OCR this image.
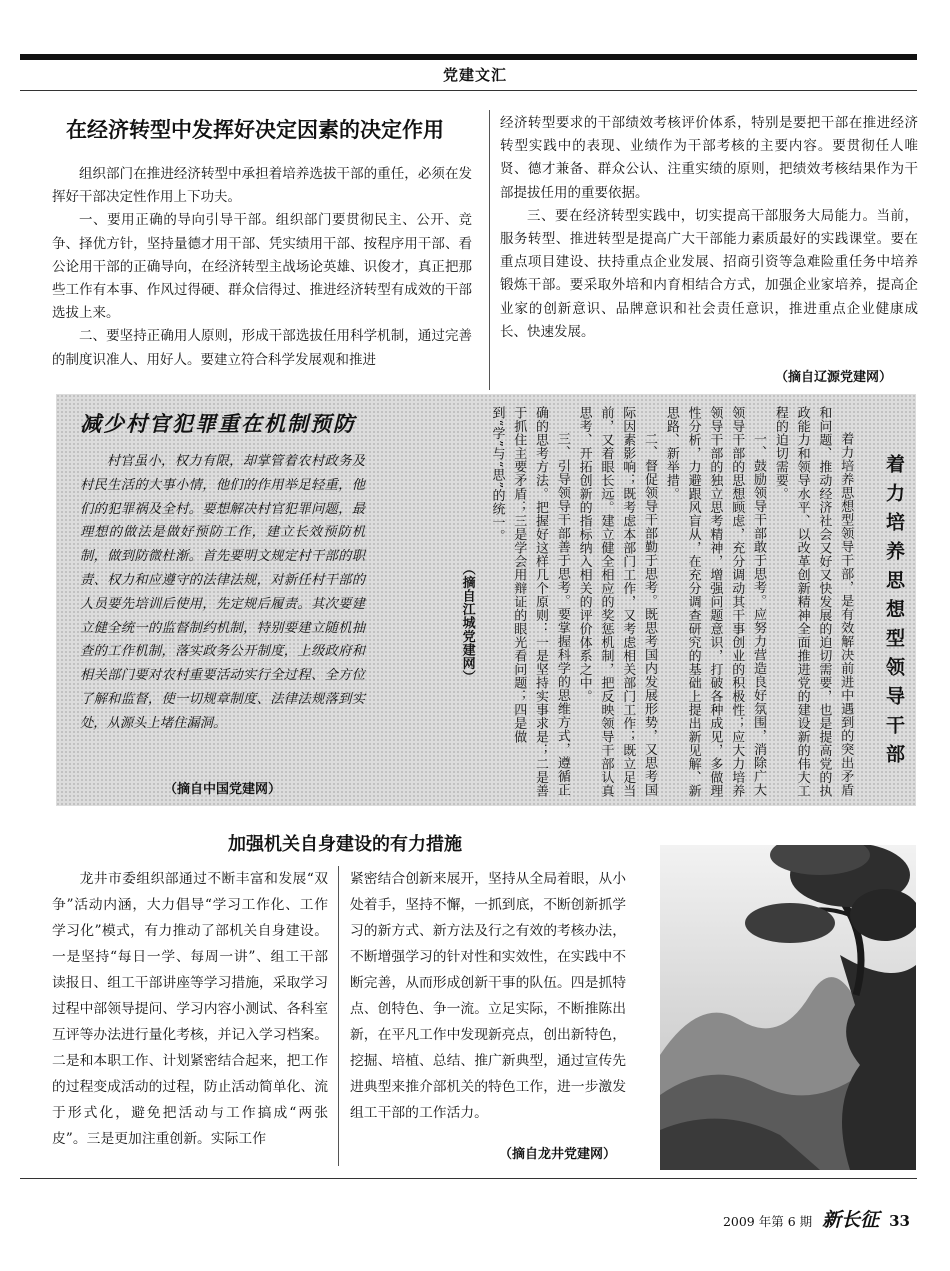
党建文汇
在经济转型中发挥好决定因素的决定作用

组织部门在推进经济转型中承担着培养选拔干部的重任，必须在发挥好干部决定性作用上下功夫。

一、要用正确的导向引导干部。组织部门要贯彻民主、公开、竞争、择优方针，坚持量德才用干部、凭实绩用干部、按程序用干部、看公论用干部的正确导向，在经济转型主战场论英雄、识俊才，真正把那些工作有本事、作风过得硬、群众信得过、推进经济转型有成效的干部选拔上来。

二、要坚持正确用人原则，形成干部选拔任用科学机制，通过完善的制度识准人、用好人。要建立符合科学发展观和推进

经济转型要求的干部绩效考核评价体系，特别是要把干部在推进经济转型实践中的表现、业绩作为干部考核的主要内容。要贯彻任人唯贤、德才兼备、群众公认、注重实绩的原则，把绩效考核结果作为干部提拔任用的重要依据。

三、要在经济转型实践中，切实提高干部服务大局能力。当前，服务转型、推进转型是提高广大干部能力素质最好的实践课堂。要在重点项目建设、扶持重点企业发展、招商引资等急难险重任务中培养锻炼干部。要采取外培和内育相结合方式，加强企业家培养，提高企业家的创新意识、品牌意识和社会责任意识，推进重点企业健康成长、快速发展。

（摘自辽源党建网）
减少村官犯罪重在机制预防

村官虽小，权力有限，却掌管着农村政务及村民生活的大事小情，他们的作用举足轻重，他们的犯罪祸及全村。要想解决村官犯罪问题，最理想的做法是做好预防工作，建立长效预防机制，做到防微杜渐。首先要明文规定村干部的职责、权力和应遵守的法律法规，对新任村干部的人员要先培训后使用，先定规后履责。其次要建立健全统一的监督制约机制，特别要建立随机抽查的工作机制，落实政务公开制度，上级政府和相关部门要对农村重要活动实行全过程、全方位了解和监督，使一切规章制度、法律法规落到实处，从源头上堵住漏洞。

（摘自中国党建网）

着力培养思想型领导干部

着力培养思想型领导干部，是有效解决前进中遇到的突出矛盾和问题、推动经济社会又好又快发展的迫切需要，也是提高党的执政能力和领导水平、以改革创新精神全面推进党的建设新的伟大工程的迫切需要。

一、鼓励领导干部敢于思考。应努力营造良好氛围，消除广大领导干部的思想顾虑，充分调动其干事创业的积极性；应大力培养领导干部的独立思考精神，增强问题意识，打破各种成见，多做理性分析，力避跟风盲从，在充分调查研究的基础上提出新见解、新思路、新举措。

二、督促领导干部勤于思考。既思考国内发展形势，又思考国际因素影响；既考虑本部门工作，又考虑相关部门工作；既立足当前，又着眼长远。建立健全相应的奖惩机制，把反映领导干部认真思考、开拓创新的指标纳入相关的评价体系之中。

三、引导领导干部善于思考。要掌握科学的思维方式，遵循正确的思考方法。把握好这样几个原则：一是坚持实事求是；二是善于抓住主要矛盾；三是学会用辩证的眼光看问题；四是做到“学”与“思”的统一。

（摘自江城党建网）

加强机关自身建设的有力措施

龙井市委组织部通过不断丰富和发展“双争”活动内涵，大力倡导“学习工作化、工作学习化”模式，有力推动了部机关自身建设。一是坚持“每日一学、每周一讲”、组工干部读报日、组工干部讲座等学习措施，采取学习过程中部领导提问、学习内容小测试、各科室互评等办法进行量化考核，并记入学习档案。二是和本职工作、计划紧密结合起来，把工作的过程变成活动的过程，防止活动简单化、流于形式化，避免把活动与工作搞成“两张皮”。三是更加注重创新。实际工作

紧密结合创新来展开，坚持从全局着眼，从小处着手，坚持不懈，一抓到底，不断创新抓学习的新方式、新方法及行之有效的考核办法，不断增强学习的针对性和实效性，在实践中不断完善，从而形成创新干事的队伍。四是抓特点、创特色、争一流。立足实际，不断推陈出新，在平凡工作中发现新亮点，创出新特色，挖掘、培植、总结、推广新典型，通过宣传先进典型来推介部机关的特色工作，进一步激发组工干部的工作活力。

（摘自龙井党建网）
2009 年第 6 期 新长征 33
